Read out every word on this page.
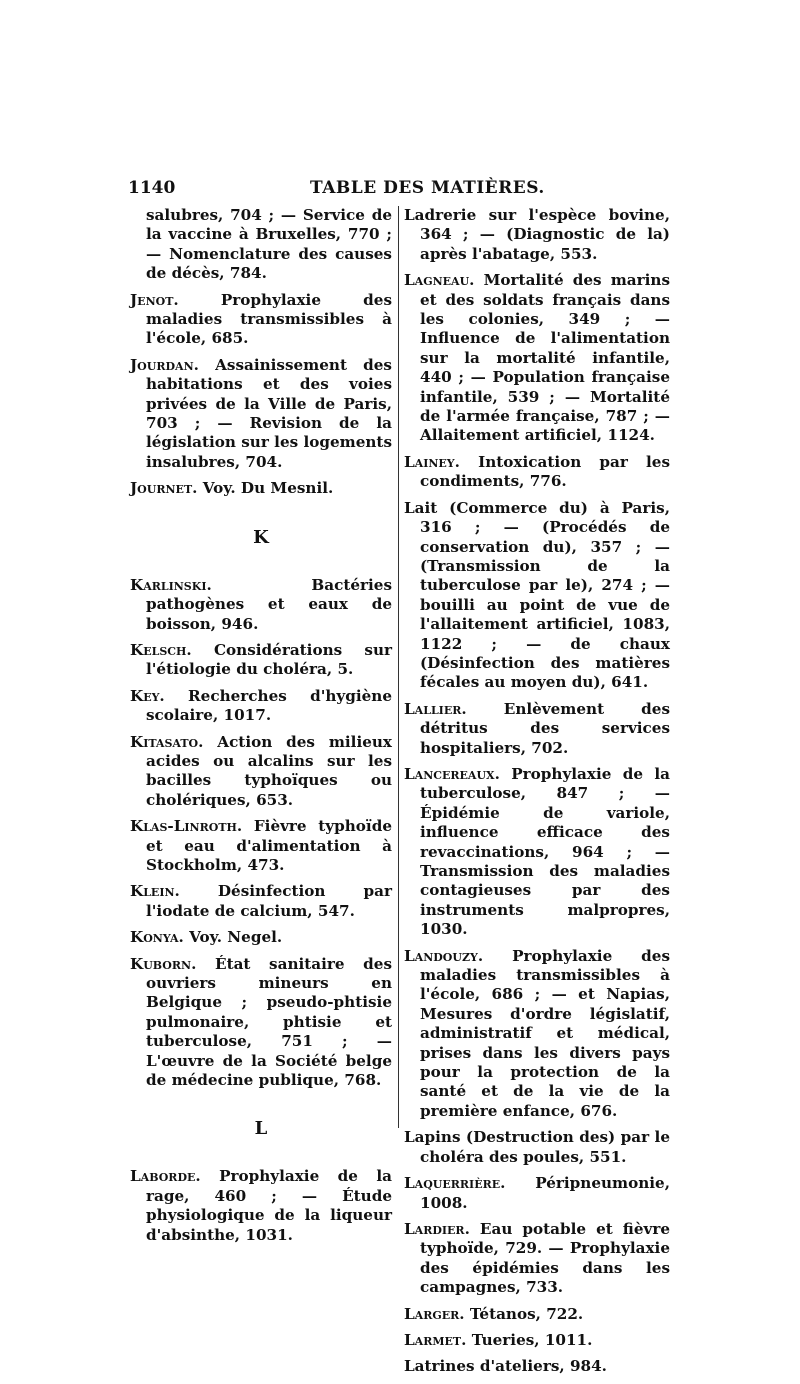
1140	TABLE DES MATIÈRES.

salubres, 704 ; — Service de la vaccine à Bruxelles, 770 ; — Nomenclature des causes de décès, 784.

Jenot.	Prophylaxie des maladies transmissibles à l'école, 685.

Jourdan. Assainissement des habitations et des voies privées de la Ville de Paris, 703 ; — Revision de la législation sur les logements insalubres, 704.

Journet. Voy. Du Mesnil.

K

Karlinski.	Bactéries pathogènes et eaux de boisson, 946.

Kelsch. Considérations sur l'étiologie du choléra, 5.

Key. Recherches d'hygiène scolaire, 1017.

Kitasato. Action des milieux acides ou alcalins sur les bacilles typhoïques ou cholériques, 653.

Klas-Linroth. Fièvre typhoïde et eau d'alimentation à Stockholm, 473.

Klein.	Désinfection par l'iodate de calcium, 547.

Konya. Voy. Negel.

Kuborn. État sanitaire des ouvriers mineurs en Belgique ; pseudo-phtisie pulmonaire, phtisie et tuberculose, 751 ; — L'œuvre de la Société belge de médecine publique, 768.

L

Laborde. Prophylaxie de la rage, 460 ; — Étude physiologique de la liqueur d'absinthe, 1031.

Ladrerie sur l'espèce bovine, 364 ; — (Diagnostic de la) après l'abatage, 553.

Lagneau. Mortalité des marins et des soldats français dans les colonies, 349 ; — Influence de l'alimentation sur la mortalité infantile, 440 ; — Population française infantile, 539 ; — Mortalité de l'armée française, 787 ; — Allaitement artificiel, 1124.

Lainey. Intoxication par les condiments, 776.

Lait (Commerce du) à Paris, 316 ; — (Procédés de conservation du), 357 ; — (Transmission de la tuberculose par le), 274 ; — bouilli au point de vue de l'allaitement artificiel, 1083, 1122 ; — de chaux (Désinfection des matières fécales au moyen du), 641.

Lallier. Enlèvement des détritus des services hospitaliers, 702.

Lancereaux. Prophylaxie de la tuberculose, 847 ; — Épidémie de variole, influence efficace des revaccinations, 964 ; — Transmission des maladies contagieuses par des instruments malpropres, 1030.

Landouzy. Prophylaxie des maladies transmissibles à l'école, 686 ; — et Napias, Mesures d'ordre législatif, administratif et médical, prises dans les divers pays pour la protection de la santé et de la vie de la première enfance, 676.

Lapins (Destruction des) par le choléra des poules, 551.

Laquerrière. Péripneumonie, 1008.

Lardier. Eau potable et fièvre typhoïde, 729. — Prophylaxie des épidémies dans les campagnes, 733.

Larger. Tétanos, 722.

Larmet. Tueries, 1011.

Latrines d'ateliers, 984.
